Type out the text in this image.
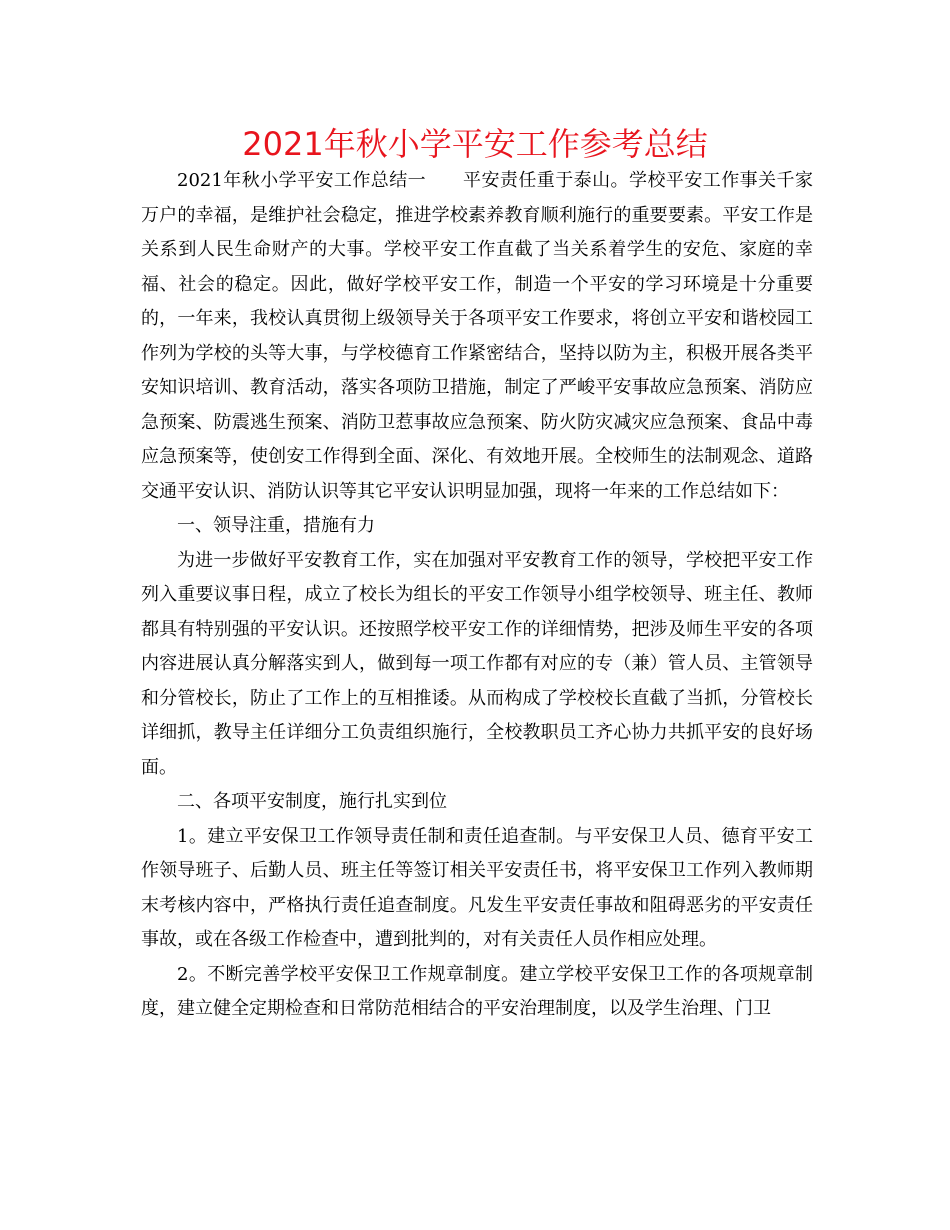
2021年秋小学平安工作参考总结

2021年秋小学平安工作总结一　　平安责任重于泰山。学校平安工作事关千家万户的幸福，是维护社会稳定，推进学校素养教育顺利施行的重要要素。平安工作是关系到人民生命财产的大事。学校平安工作直截了当关系着学生的安危、家庭的幸福、社会的稳定。因此，做好学校平安工作，制造一个平安的学习环境是十分重要的，一年来，我校认真贯彻上级领导关于各项平安工作要求，将创立平安和谐校园工作列为学校的头等大事，与学校德育工作紧密结合，坚持以防为主，积极开展各类平安知识培训、教育活动，落实各项防卫措施，制定了严峻平安事故应急预案、消防应急预案、防震逃生预案、消防卫惹事故应急预案、防火防灾减灾应急预案、食品中毒应急预案等，使创安工作得到全面、深化、有效地开展。全校师生的法制观念、道路交通平安认识、消防认识等其它平安认识明显加强，现将一年来的工作总结如下：

一、领导注重，措施有力

为进一步做好平安教育工作，实在加强对平安教育工作的领导，学校把平安工作列入重要议事日程，成立了校长为组长的平安工作领导小组学校领导、班主任、教师都具有特别强的平安认识。还按照学校平安工作的详细情势，把涉及师生平安的各项内容进展认真分解落实到人，做到每一项工作都有对应的专（兼）管人员、主管领导和分管校长，防止了工作上的互相推诿。从而构成了学校校长直截了当抓，分管校长详细抓，教导主任详细分工负责组织施行，全校教职员工齐心协力共抓平安的良好场面。

二、各项平安制度，施行扎实到位

1。建立平安保卫工作领导责任制和责任追查制。与平安保卫人员、德育平安工作领导班子、后勤人员、班主任等签订相关平安责任书，将平安保卫工作列入教师期末考核内容中，严格执行责任追查制度。凡发生平安责任事故和阻碍恶劣的平安责任事故，或在各级工作检查中，遭到批判的，对有关责任人员作相应处理。

2。不断完善学校平安保卫工作规章制度。建立学校平安保卫工作的各项规章制度，建立健全定期检查和日常防范相结合的平安治理制度，以及学生治理、门卫
